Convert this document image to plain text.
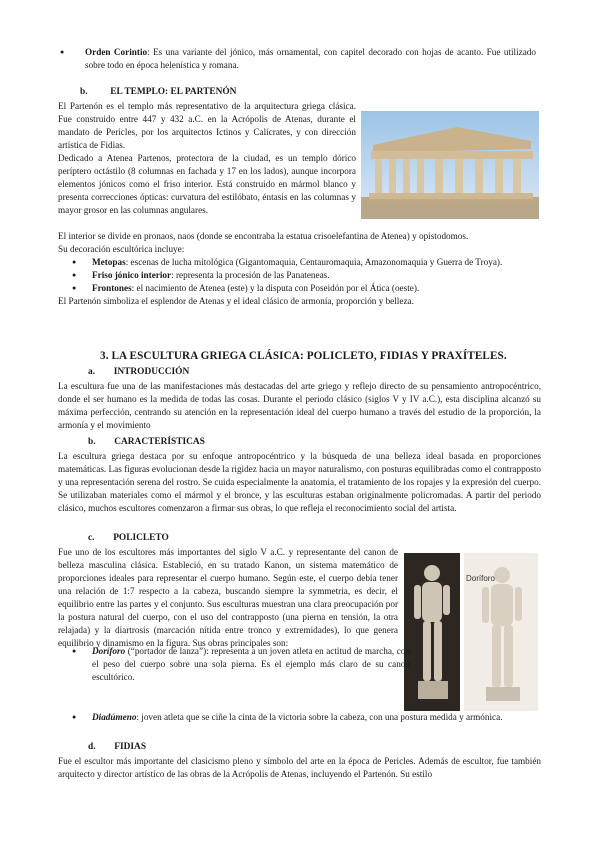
● Orden Corintio: Es una variante del jónico, más ornamental, con capitel decorado con hojas de acanto. Fue utilizado sobre todo en época helenística y romana.
b. EL TEMPLO: EL PARTENÓN

El Partenón es el templo más representativo de la arquitectura griega clásica. Fue construido entre 447 y 432 a.C. en la Acrópolis de Atenas, durante el mandato de Pericles, por los arquitectos Ictinos y Calícrates, y con dirección artística de Fidias.

Dedicado a Atenea Partenos, protectora de la ciudad, es un templo dórico períptero octástilo (8 columnas en fachada y 17 en los lados), aunque incorpora elementos jónicos como el friso interior. Está construido en mármol blanco y presenta correcciones ópticas: curvatura del estilóbato, éntasis en las columnas y mayor grosor en las columnas angulares.

El interior se divide en pronaos, naos (donde se encontraba la estatua crisoelefantina de Atenea) y opistodomos.

Su decoración escultórica incluye:

● Metopas: escenas de lucha mitológica (Gigantomaquia, Centauromaquia, Amazonomaquia y Guerra de Troya).
● Friso jónico interior: representa la procesión de las Panateneas.
● Frontones: el nacimiento de Atenea (este) y la disputa con Poseidón por el Ática (oeste).

El Partenón simboliza el esplendor de Atenas y el ideal clásico de armonía, proporción y belleza.

3. LA ESCULTURA GRIEGA CLÁSICA: POLICLETO, FIDIAS Y PRAXÍTELES.
a. INTRODUCCIÓN
La escultura fue una de las manifestaciones más destacadas del arte griego y reflejo directo de su pensamiento antropocéntrico, donde el ser humano es la medida de todas las cosas. Durante el periodo clásico (siglos V y IV a.C.), esta disciplina alcanzó su máxima perfección, centrando su atención en la representación ideal del cuerpo humano a través del estudio de la proporción, la armonía y el movimiento
b. CARACTERÍSTICAS
La escultura griega destaca por su enfoque antropocéntrico y la búsqueda de una belleza ideal basada en proporciones matemáticas. Las figuras evolucionan desde la rigidez hacia un mayor naturalismo, con posturas equilibradas como el contrapposto y una representación serena del rostro. Se cuida especialmente la anatomía, el tratamiento de los ropajes y la expresión del cuerpo. Se utilizaban materiales como el mármol y el bronce, y las esculturas estaban originalmente policromadas. A partir del periodo clásico, muchos escultores comenzaron a firmar sus obras, lo que refleja el reconocimiento social del artista.
c. POLICLETO
Fue uno de los escultores más importantes del siglo V a.C. y representante del canon de belleza masculina clásica. Estableció, en su tratado Kanon, un sistema matemático de proporciones ideales para representar el cuerpo humano. Según este, el cuerpo debía tener una relación de 1:7 respecto a la cabeza, buscando siempre la symmetria, es decir, el equilibrio entre las partes y el conjunto. Sus esculturas muestran una clara preocupación por la postura natural del cuerpo, con el uso del contrapposto (una pierna en tensión, la otra relajada) y la diartrosis (marcación nítida entre tronco y extremidades), lo que genera equilibrio y dinamismo en la figura. Sus obras principales son:
Doríforo
● Doríforo (“portador de lanza”): representa a un joven atleta en actitud de marcha, con el peso del cuerpo sobre una sola pierna. Es el ejemplo más claro de su canon escultórico.
● Diadúmeno: joven atleta que se ciñe la cinta de la victoria sobre la cabeza, con una postura medida y armónica.
d. FIDIAS
Fue el escultor más importante del clasicismo pleno y símbolo del arte en la época de Pericles. Además de escultor, fue también arquitecto y director artístico de las obras de la Acrópolis de Atenas, incluyendo el Partenón. Su estilo
